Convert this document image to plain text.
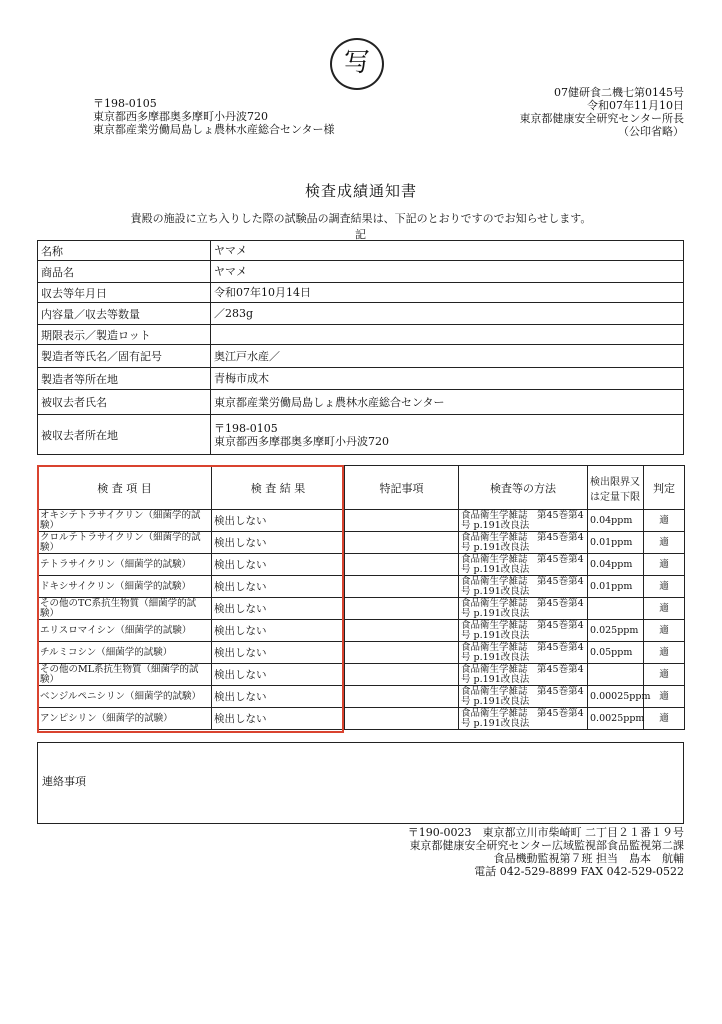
写
〒198-0105
東京都西多摩郡奥多摩町小丹波720
東京都産業労働局島しょ農林水産総合センター様
07健研食二機七第0145号
令和07年11月10日
東京都健康安全研究センター所長
（公印省略）
検査成績通知書
貴殿の施設に立ち入りした際の試験品の調査結果は、下記のとおりですのでお知らせします。
記
名称	ヤマメ
商品名	ヤマメ
収去等年月日	令和07年10月14日
内容量／収去等数量	／283g
期限表示／製造ロット	
製造者等氏名／固有記号	奥江戸水産／
製造者等所在地	青梅市成木
被収去者氏名	東京都産業労働局島しょ農林水産総合センター
被収去者所在地	〒198-0105
東京都西多摩郡奥多摩町小丹波720
検 査 項 目	検 査 結 果	特記事項	検査等の方法	検出限界又は定量下限	判定
オキシテトラサイクリン（細菌学的試験）	検出しない		食品衛生学雑誌　第45巻第4号 p.191改良法	0.04ppm	適
クロルテトラサイクリン（細菌学的試験）	検出しない		食品衛生学雑誌　第45巻第4号 p.191改良法	0.01ppm	適
テトラサイクリン（細菌学的試験）	検出しない		食品衛生学雑誌　第45巻第4号 p.191改良法	0.04ppm	適
ドキシサイクリン（細菌学的試験）	検出しない		食品衛生学雑誌　第45巻第4号 p.191改良法	0.01ppm	適
その他のTC系抗生物質（細菌学的試験）	検出しない		食品衛生学雑誌　第45巻第4号 p.191改良法		適
エリスロマイシン（細菌学的試験）	検出しない		食品衛生学雑誌　第45巻第4号 p.191改良法	0.025ppm	適
チルミコシン（細菌学的試験）	検出しない		食品衛生学雑誌　第45巻第4号 p.191改良法	0.05ppm	適
その他のML系抗生物質（細菌学的試験）	検出しない		食品衛生学雑誌　第45巻第4号 p.191改良法		適
ベンジルペニシリン（細菌学的試験）	検出しない		食品衛生学雑誌　第45巻第4号 p.191改良法	0.00025ppm	適
アンピシリン（細菌学的試験）	検出しない		食品衛生学雑誌　第45巻第4号 p.191改良法	0.0025ppm	適
連絡事項
〒190-0023　東京都立川市柴崎町 二丁目２１番１９号
東京都健康安全研究センター広域監視部食品監視第二課
食品機動監視第７班 担当　島本　航輔
電話 042-529-8899 FAX 042-529-0522
